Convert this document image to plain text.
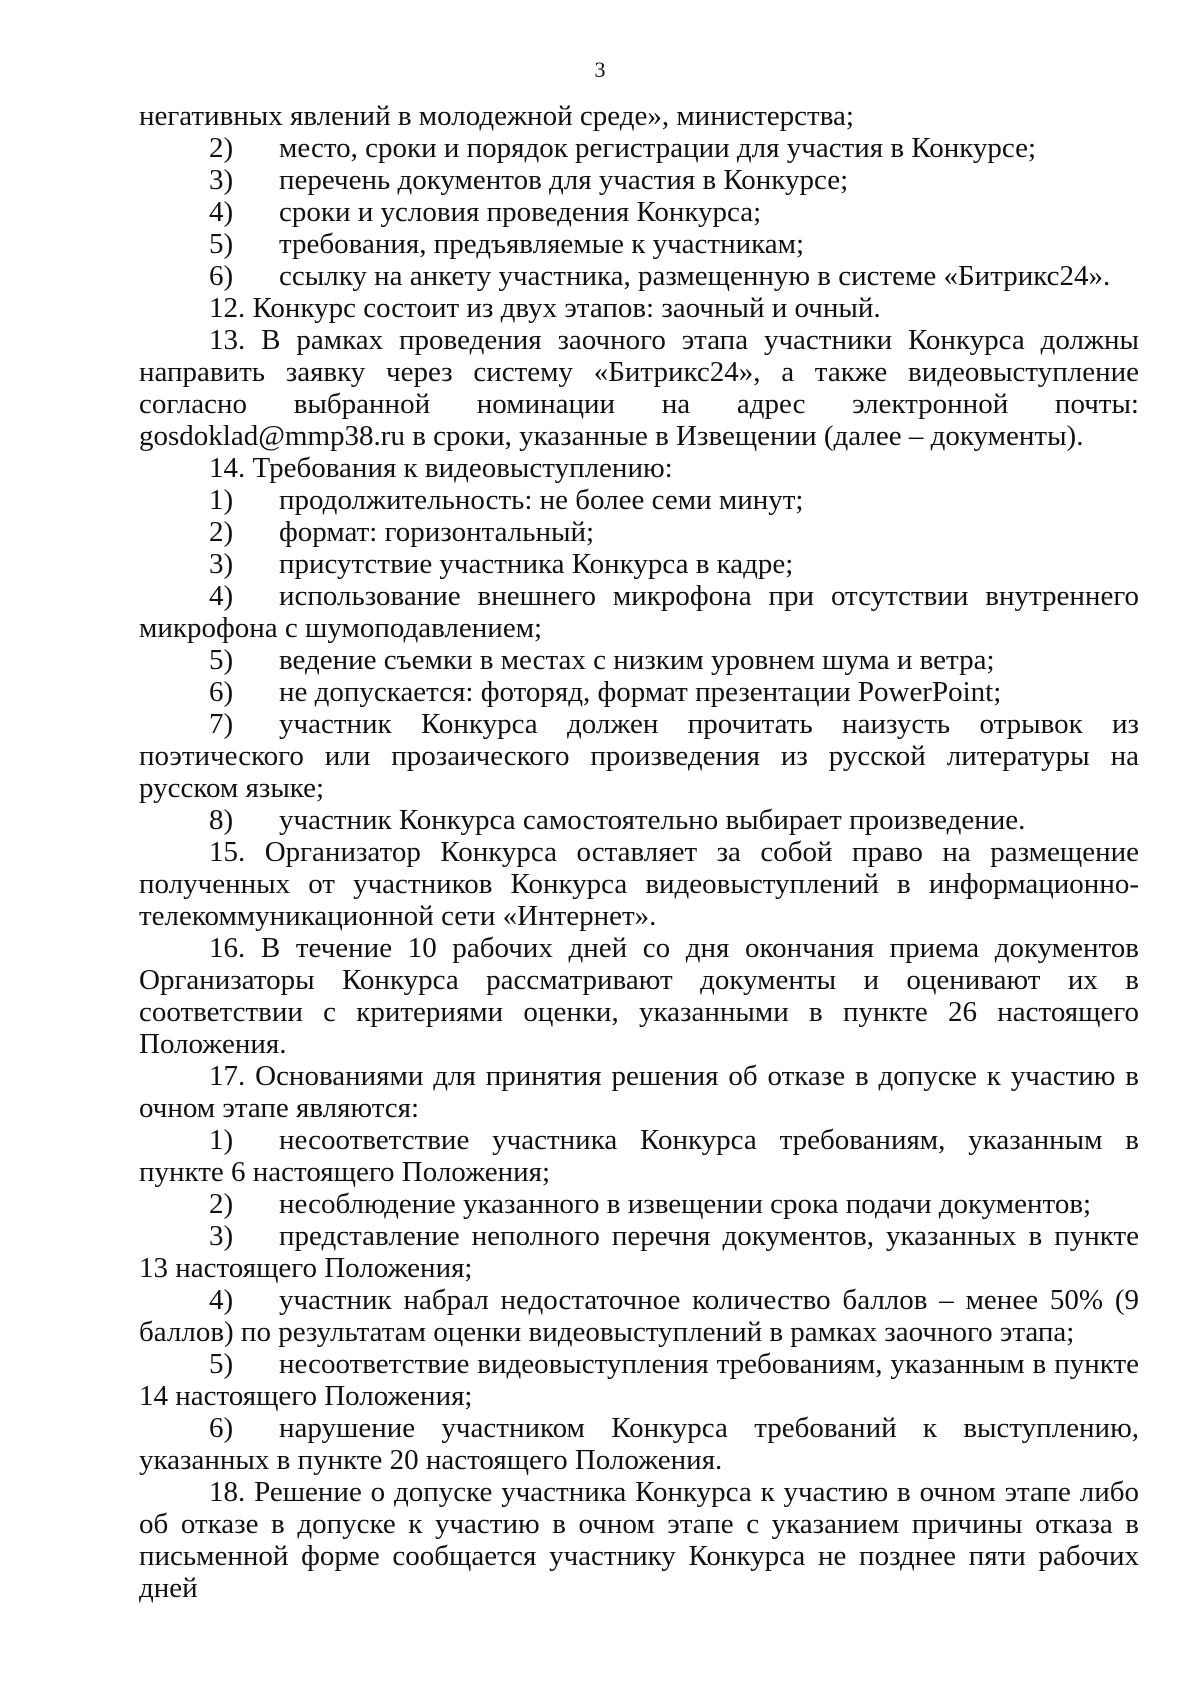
3

негативных явлений в молодежной среде», министерства;

2) место, сроки и порядок регистрации для участия в Конкурсе;

3) перечень документов для участия в Конкурсе;

4) сроки и условия проведения Конкурса;

5) требования, предъявляемые к участникам;

6) ссылку на анкету участника, размещенную в системе «Битрикс24».

12. Конкурс состоит из двух этапов: заочный и очный.

13. В рамках проведения заочного этапа участники Конкурса должны направить заявку через систему «Битрикс24», а также видеовыступление согласно выбранной номинации на адрес электронной почты: gosdoklad@mmp38.ru в сроки, указанные в Извещении (далее – документы).

14. Требования к видеовыступлению:

1) продолжительность: не более семи минут;

2) формат: горизонтальный;

3) присутствие участника Конкурса в кадре;

4) использование внешнего микрофона при отсутствии внутреннего микрофона с шумоподавлением;

5) ведение съемки в местах с низким уровнем шума и ветра;

6) не допускается: фоторяд, формат презентации PowerPoint;

7) участник Конкурса должен прочитать наизусть отрывок из поэтического или прозаического произведения из русской литературы на русском языке;

8) участник Конкурса самостоятельно выбирает произведение.

15. Организатор Конкурса оставляет за собой право на размещение полученных от участников Конкурса видеовыступлений в информационно-телекоммуникационной сети «Интернет».

16. В течение 10 рабочих дней со дня окончания приема документов Организаторы Конкурса рассматривают документы и оценивают их в соответствии с критериями оценки, указанными в пункте 26 настоящего Положения.

17. Основаниями для принятия решения об отказе в допуске к участию в очном этапе являются:

1) несоответствие участника Конкурса требованиям, указанным в пункте 6 настоящего Положения;

2) несоблюдение указанного в извещении срока подачи документов;

3) представление неполного перечня документов, указанных в пункте 13 настоящего Положения;

4) участник набрал недостаточное количество баллов – менее 50% (9 баллов) по результатам оценки видеовыступлений в рамках заочного этапа;

5) несоответствие видеовыступления требованиям, указанным в пункте 14 настоящего Положения;

6) нарушение участником Конкурса требований к выступлению, указанных в пункте 20 настоящего Положения.

18. Решение о допуске участника Конкурса к участию в очном этапе либо об отказе в допуске к участию в очном этапе с указанием причины отказа в письменной форме сообщается участнику Конкурса не позднее пяти рабочих дней
